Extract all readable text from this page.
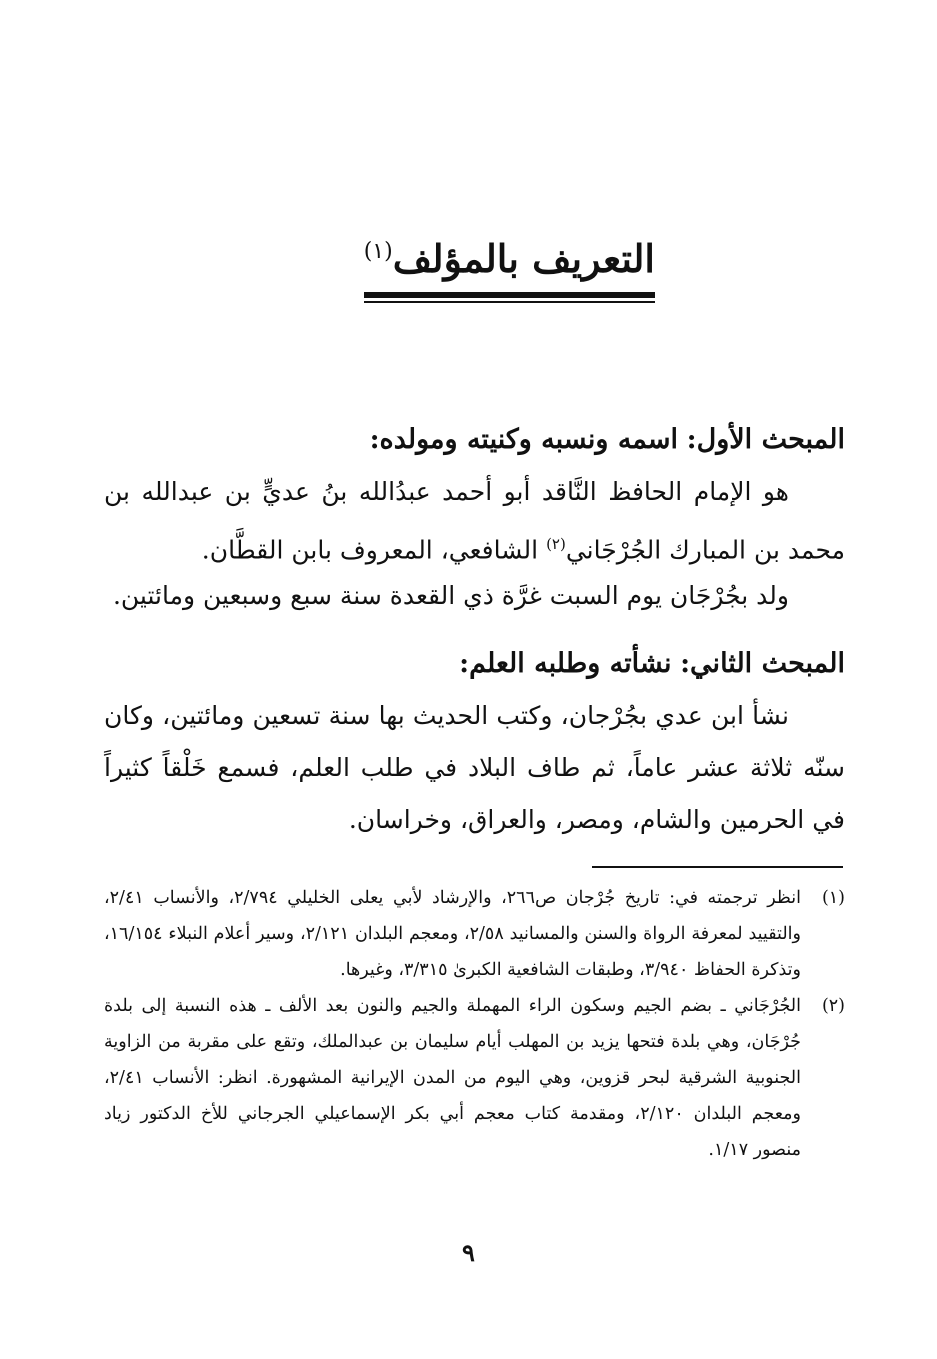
التعريف بالمؤلف$^{(١)}$
المبحث الأول: اسمه ونسبه وكنيته ومولده:
هو الإمام الحافظ النَّاقد أبو أحمد عبدُالله بنُ عديٍّ بن عبدالله بن محمد بن المبارك الجُرْجَاني$^{(٢)}$ الشافعي، المعروف بابن القطَّان.
ولد بجُرْجَان يوم السبت غرَّة ذي القعدة سنة سبع وسبعين ومائتين.
المبحث الثاني: نشأته وطلبه العلم:
نشأ ابن عدي بجُرْجان، وكتب الحديث بها سنة تسعين ومائتين، وكان سنّه ثلاثة عشر عاماً، ثم طاف البلاد في طلب العلم، فسمع خَلْقاً كثيراً في الحرمين والشام، ومصر، والعراق، وخراسان.
(١)
انظر ترجمته في: تاريخ جُرْجان ص٢٦٦، والإرشاد لأبي يعلى الخليلي ٢/٧٩٤، والأنساب ٢/٤١، والتقييد لمعرفة الرواة والسنن والمسانيد ٢/٥٨، ومعجم البلدان ٢/١٢١، وسير أعلام النبلاء ١٦/١٥٤، وتذكرة الحفاظ ٣/٩٤٠، وطبقات الشافعية الكبرىٰ ٣/٣١٥، وغيرها.
(٢)
الجُرْجَاني ـ بضم الجيم وسكون الراء المهملة والجيم والنون بعد الألف ـ هذه النسبة إلى بلدة جُرْجَان، وهي بلدة فتحها يزيد بن المهلب أيام سليمان بن عبدالملك، وتقع على مقربة من الزاوية الجنوبية الشرقية لبحر قزوين، وهي اليوم من المدن الإيرانية المشهورة. انظر: الأنساب ٢/٤١، ومعجم البلدان ٢/١٢٠، ومقدمة كتاب معجم أبي بكر الإسماعيلي الجرجاني للأخ الدكتور زياد منصور ١/١٧.
٩
